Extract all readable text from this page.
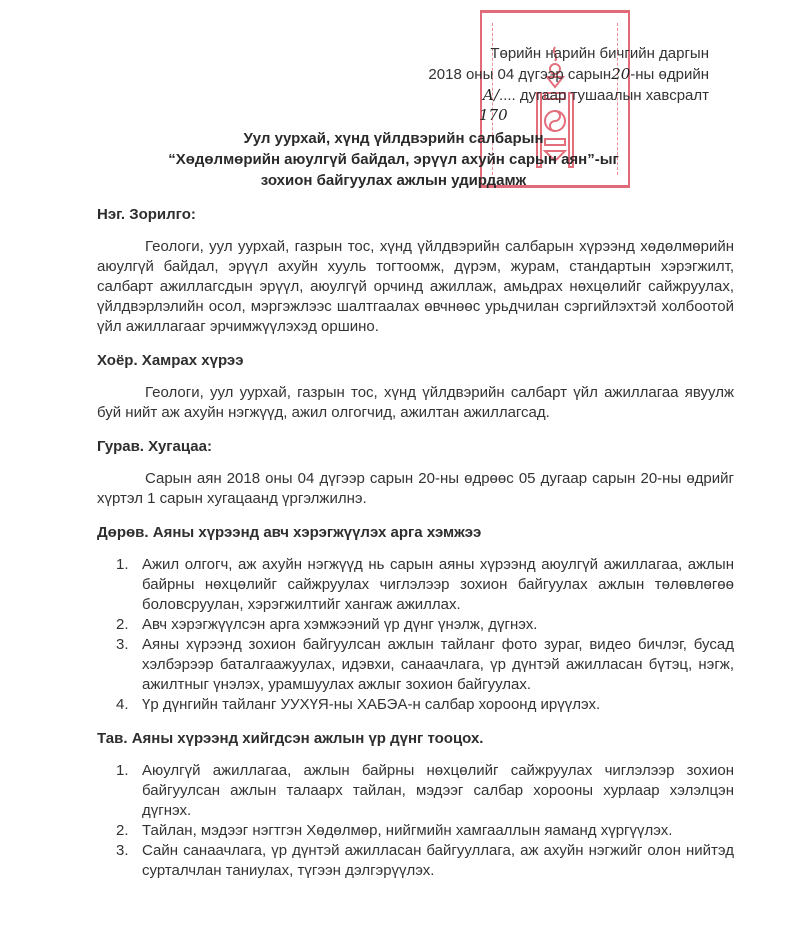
Төрийн нарийн бичгийн даргын
2018 оны 04 дүгээр сарын20-ны өдрийн
А/.... дугаар тушаалын хавсралт
170
Уул уурхай, хүнд үйлдвэрийн салбарын
“Хөдөлмөрийн аюулгүй байдал, эрүүл ахуйн сарын аян”-ыг
зохион байгуулах ажлын удирдамж
Нэг. Зорилго:
Геологи, уул уурхай, газрын тос, хүнд үйлдвэрийн салбарын хүрээнд хөдөлмөрийн аюулгүй байдал, эрүүл ахуйн хууль тогтоомж, дүрэм, журам, стандартын хэрэгжилт, салбарт ажиллагсдын эрүүл, аюулгүй орчинд ажиллаж, амьдрах нөхцөлийг сайжруулах, үйлдвэрлэлийн осол, мэргэжлээс шалтгаалах өвчнөөс урьдчилан сэргийлэхтэй холбоотой үйл ажиллагааг эрчимжүүлэхэд оршино.
Хоёр. Хамрах хүрээ
Геологи, уул уурхай, газрын тос, хүнд үйлдвэрийн салбарт үйл ажиллагаа явуулж буй нийт аж ахуйн нэгжүүд, ажил олгогчид, ажилтан ажиллагсад.
Гурав. Хугацаа:
Сарын аян 2018 оны 04 дүгээр сарын 20-ны өдрөөс 05 дугаар сарын 20-ны өдрийг хүртэл 1 сарын хугацаанд үргэлжилнэ.
Дөрөв. Аяны хүрээнд авч хэрэгжүүлэх арга хэмжээ
1. Ажил олгогч, аж ахуйн нэгжүүд нь сарын аяны хүрээнд аюулгүй ажиллагаа, ажлын байрны нөхцөлийг сайжруулах чиглэлээр зохион байгуулах ажлын төлөвлөгөө боловсруулан, хэрэгжилтийг хангаж ажиллах.
2. Авч хэрэгжүүлсэн арга хэмжээний үр дүнг үнэлж, дүгнэх.
3. Аяны хүрээнд зохион байгуулсан ажлын тайланг фото зураг, видео бичлэг, бусад хэлбэрээр баталгаажуулах, идэвхи, санаачлага, үр дүнтэй ажилласан бүтэц, нэгж, ажилтныг үнэлэх, урамшуулах ажлыг зохион байгуулах.
4. Үр дүнгийн тайланг УУХҮЯ-ны ХАБЭА-н салбар хороонд ирүүлэх.
Тав. Аяны хүрээнд хийгдсэн ажлын үр дүнг тооцох.
1. Аюулгүй ажиллагаа, ажлын байрны нөхцөлийг сайжруулах чиглэлээр зохион байгуулсан ажлын талаарх тайлан, мэдээг салбар хорооны хурлаар хэлэлцэн дүгнэх.
2. Тайлан, мэдээг нэгтгэн Хөдөлмөр, нийгмийн хамгааллын яаманд хүргүүлэх.
3. Сайн санаачлага, үр дүнтэй ажилласан байгууллага, аж ахуйн нэгжийг олон нийтэд сурталчлан таниулах, түгээн дэлгэрүүлэх.
